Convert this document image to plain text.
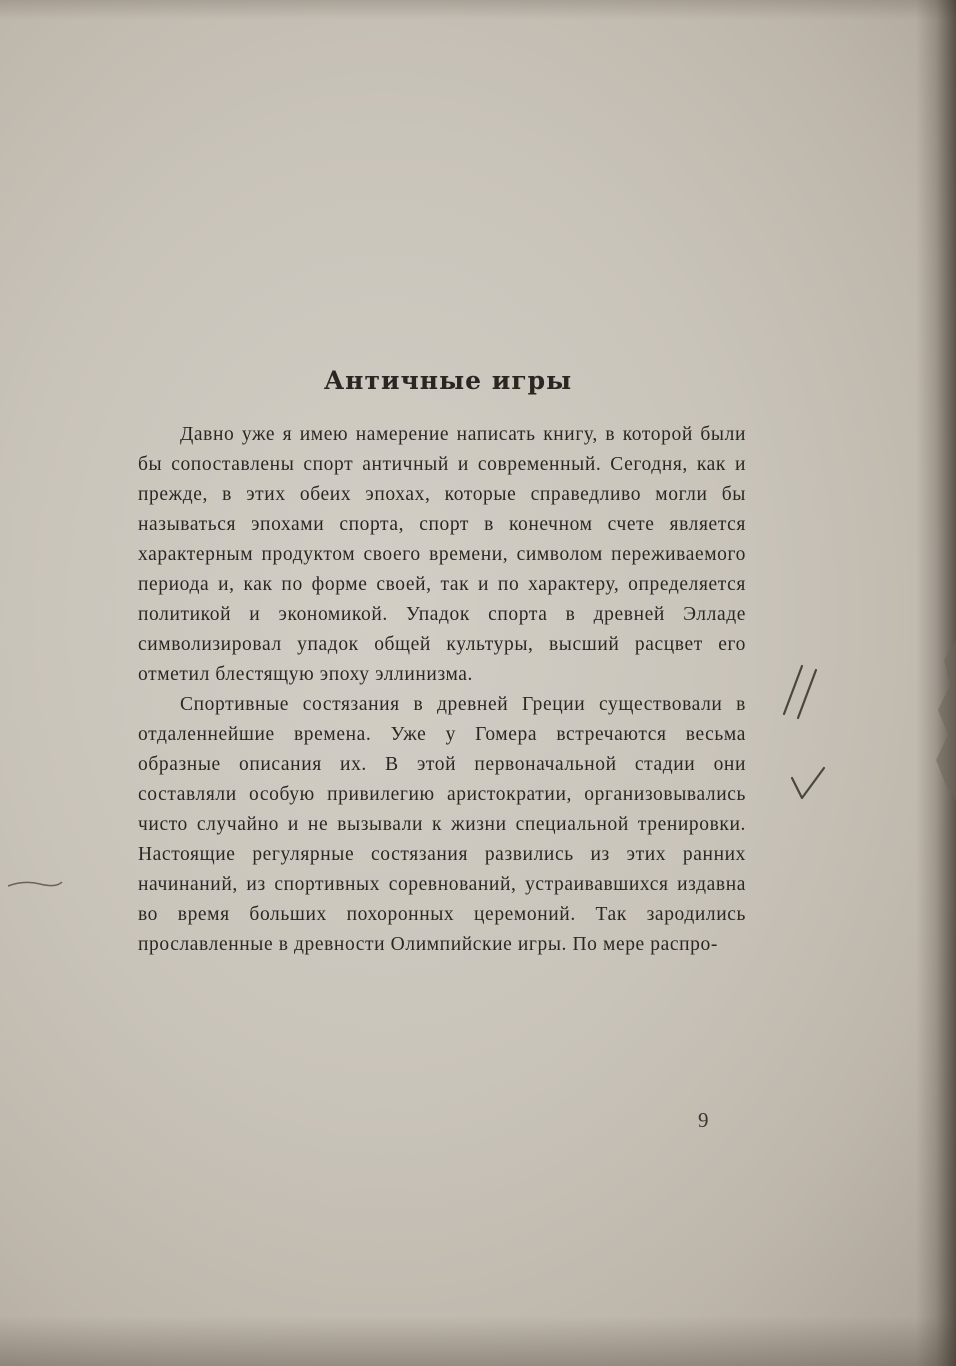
Античные игры

Давно уже я имею намерение написать книгу, в которой были бы сопоставлены спорт античный и современный. Сегодня, как и прежде, в этих обеих эпохах, которые справедливо могли бы называться эпохами спорта, спорт в конечном счете является характерным продуктом своего времени, символом переживаемого периода и, как по форме своей, так и по характеру, определяется политикой и экономикой. Упадок спорта в древней Элладе символизировал упадок общей культуры, высший расцвет его отметил блестящую эпоху эллинизма.

Спортивные состязания в древней Греции существовали в отдаленнейшие времена. Уже у Гомера встречаются весьма образные описания их. В этой первоначальной стадии они составляли особую привилегию аристократии, организовывались чисто случайно и не вызывали к жизни специальной тренировки. Настоящие регулярные состязания развились из этих ранних начинаний, из спортивных соревнований, устраивавшихся издавна во время больших похоронных церемоний. Так зародились прославленные в древности Олимпийские игры. По мере распро-

9
